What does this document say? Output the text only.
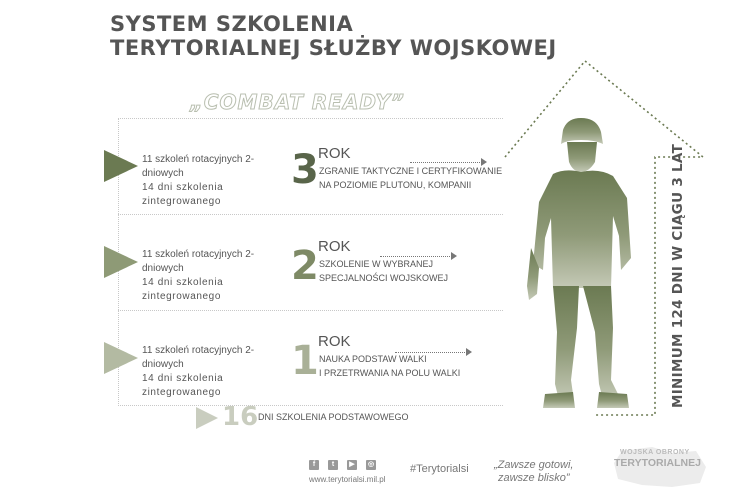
SYSTEM SZKOLENIA
TERYTORIALNEJ SŁUŻBY WOJSKOWEJ
„COMBAT READY”
11 szkoleń rotacyjnych 2-dniowych
14 dni szkolenia zintegrowanego
11 szkoleń rotacyjnych 2-dniowych
14 dni szkolenia zintegrowanego
11 szkoleń rotacyjnych 2-dniowych
14 dni szkolenia zintegrowanego
3
2
1
ROK
ROK
ROK
ZGRANIE TAKTYCZNE I CERTYFIKOWANIE
NA POZIOMIE PLUTONU, KOMPANII
SZKOLENIE W WYBRANEJ
SPECJALNOŚCI WOJSKOWEJ
NAUKA PODSTAW WALKI
I PRZETRWANIA NA POLU WALKI
16 DNI SZKOLENIA PODSTAWOWEGO
MINIMUM 124 DNI W CIĄGU 3 LAT
f	t	▶	◎
www.terytorialsi.mil.pl
#Terytorialsi „Zawsze gotowi,
zawsze blisko”
WOJSKA OBRONY
TERYTORIALNEJ
